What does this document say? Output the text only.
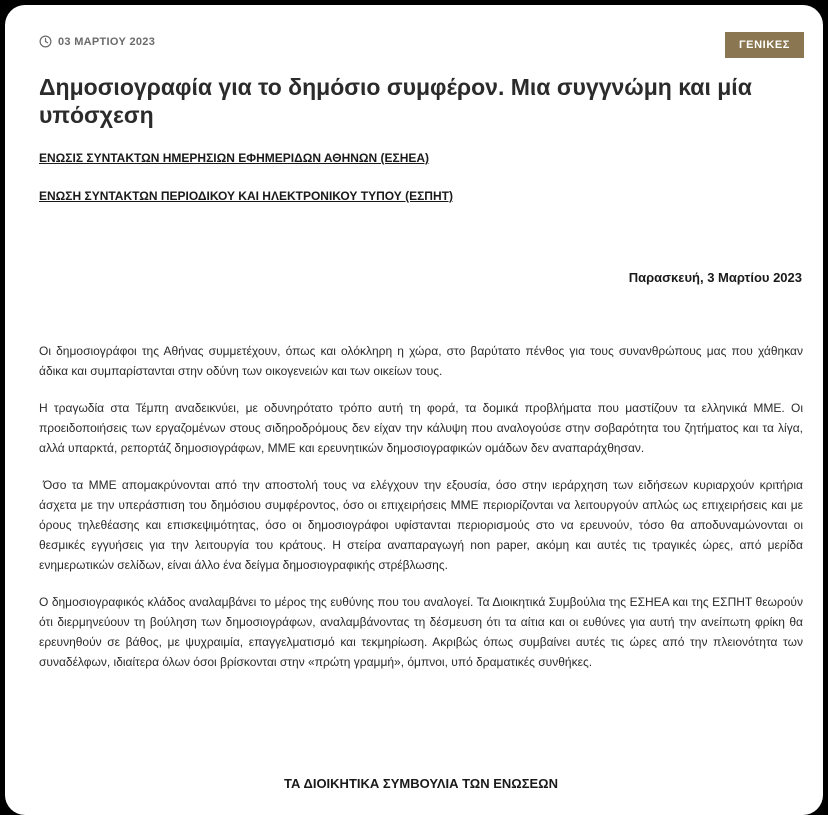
03 ΜΑΡΤΙΟΥ 2023	ΓΕΝΙΚΕΣ
Δημοσιογραφία για το δημόσιο συμφέρον. Μια συγγνώμη και μία υπόσχεση
ΕΝΩΣΙΣ ΣΥΝΤΑΚΤΩΝ ΗΜΕΡΗΣΙΩΝ ΕΦΗΜΕΡΙΔΩΝ ΑΘΗΝΩΝ (ΕΣΗΕΑ)
ΕΝΩΣΗ ΣΥΝΤΑΚΤΩΝ ΠΕΡΙΟΔΙΚΟΥ ΚΑΙ ΗΛΕΚΤΡΟΝΙΚΟΥ ΤΥΠΟΥ (ΕΣΠΗΤ)
Παρασκευή, 3 Μαρτίου 2023

Οι δημοσιογράφοι της Αθήνας συμμετέχουν, όπως και ολόκληρη η χώρα, στο βαρύτατο πένθος για τους συνανθρώπους μας που χάθηκαν άδικα και συμπαρίστανται στην οδύνη των οικογενειών και των οικείων τους.

Η τραγωδία στα Τέμπη αναδεικνύει, με οδυνηρότατο τρόπο αυτή τη φορά, τα δομικά προβλήματα που μαστίζουν τα ελληνικά ΜΜΕ. Οι προειδοποιήσεις των εργαζομένων στους σιδηροδρόμους δεν είχαν την κάλυψη που αναλογούσε στην σοβαρότητα του ζητήματος και τα λίγα, αλλά υπαρκτά, ρεπορτάζ δημοσιογράφων, ΜΜΕ και ερευνητικών δημοσιογραφικών ομάδων δεν αναπαράχθησαν.

Όσο τα ΜΜΕ απομακρύνονται από την αποστολή τους να ελέγχουν την εξουσία, όσο στην ιεράρχηση των ειδήσεων κυριαρχούν κριτήρια άσχετα με την υπεράσπιση του δημόσιου συμφέροντος, όσο οι επιχειρήσεις ΜΜΕ περιορίζονται να λειτουργούν απλώς ως επιχειρήσεις και με όρους τηλεθέασης και επισκεψιμότητας, όσο οι δημοσιογράφοι υφίστανται περιορισμούς στο να ερευνούν, τόσο θα αποδυναμώνονται οι θεσμικές εγγυήσεις για την λειτουργία του κράτους. Η στείρα αναπαραγωγή non paper, ακόμη και αυτές τις τραγικές ώρες, από μερίδα ενημερωτικών σελίδων, είναι άλλο ένα δείγμα δημοσιογραφικής στρέβλωσης.

Ο δημοσιογραφικός κλάδος αναλαμβάνει το μέρος της ευθύνης που του αναλογεί. Τα Διοικητικά Συμβούλια της ΕΣΗΕΑ και της ΕΣΠΗΤ θεωρούν ότι διερμηνεύουν τη βούληση των δημοσιογράφων, αναλαμβάνοντας τη δέσμευση ότι τα αίτια και οι ευθύνες για αυτή την ανείπωτη φρίκη θα ερευνηθούν σε βάθος, με ψυχραιμία, επαγγελματισμό και τεκμηρίωση. Ακριβώς όπως συμβαίνει αυτές τις ώρες από την πλειονότητα των συναδέλφων, ιδιαίτερα όλων όσοι βρίσκονται στην «πρώτη γραμμή», όμπνοι, υπό δραματικές συνθήκες.

ΤΑ ΔΙΟΙΚΗΤΙΚΑ ΣΥΜΒΟΥΛΙΑ ΤΩΝ ΕΝΩΣΕΩΝ
